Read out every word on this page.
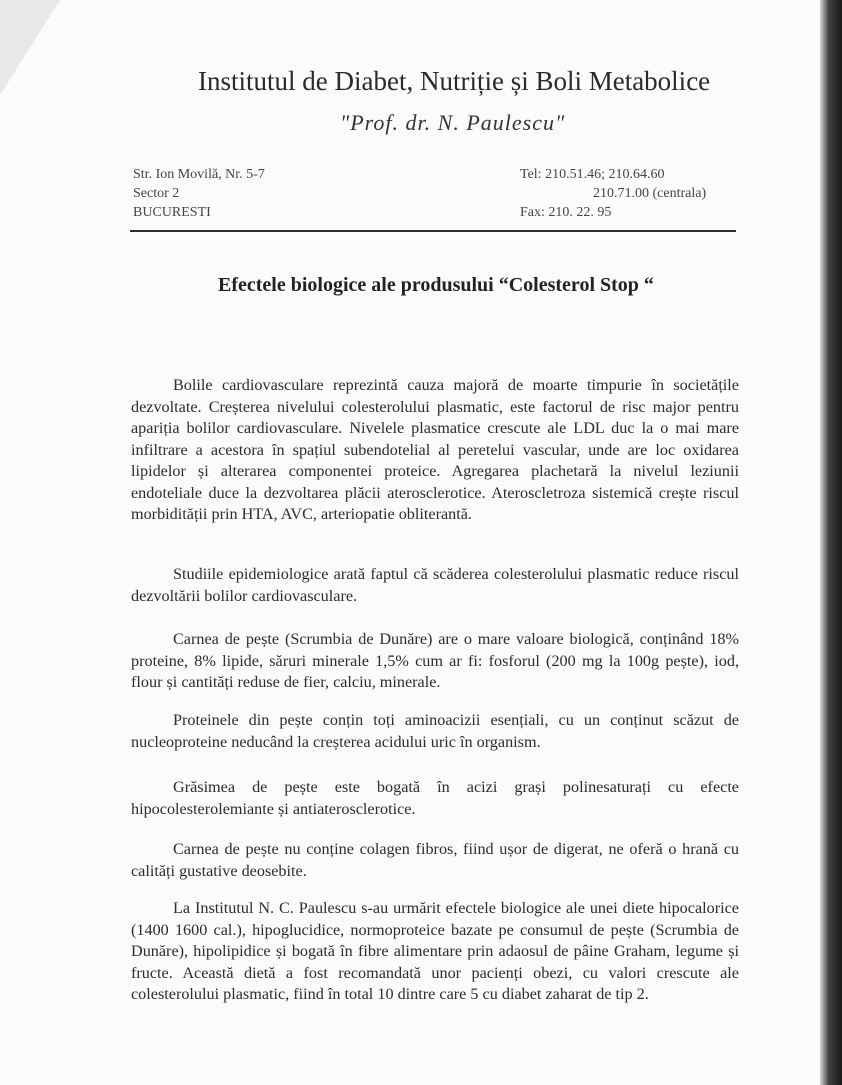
Institutul de Diabet, Nutriție și Boli Metabolice
"Prof. dr. N. Paulescu"
Str. Ion Movilă, Nr. 5-7
Sector 2
BUCURESTI
Tel: 210.51.46; 210.64.60
210.71.00 (centrala)
Fax: 210. 22. 95
Efectele biologice ale produsului “Colesterol Stop “

Bolile cardiovasculare reprezintă cauza majoră de moarte timpurie în societățile dezvoltate. Creșterea nivelului colesterolului plasmatic, este factorul de risc major pentru apariția bolilor cardiovasculare. Nivelele plasmatice crescute ale LDL duc la o mai mare infiltrare a acestora în spațiul subendotelial al peretelui vascular, unde are loc oxidarea lipidelor și alterarea componentei proteice. Agregarea plachetară la nivelul leziunii endoteliale duce la dezvoltarea plăcii aterosclerotice. Ateroscletroza sistemică crește riscul morbidității prin HTA, AVC, arteriopatie obliterantă.

Studiile epidemiologice arată faptul că scăderea colesterolului plasmatic reduce riscul dezvoltării bolilor cardiovasculare.

Carnea de pește (Scrumbia de Dunăre) are o mare valoare biologică, conținând 18% proteine, 8% lipide, săruri minerale 1,5% cum ar fi: fosforul (200 mg la 100g pește), iod, flour și cantități reduse de fier, calciu, minerale.

Proteinele din pește conțin toți aminoacizii esențiali, cu un conținut scăzut de nucleoproteine neducând la creșterea acidului uric în organism.

Grăsimea de pește este bogată în acizi grași polinesaturați cu efecte hipocolesterolemiante și antiaterosclerotice.

Carnea de pește nu conține colagen fibros, fiind ușor de digerat, ne oferă o hrană cu calități gustative deosebite.

La Institutul N. C. Paulescu s-au urmărit efectele biologice ale unei diete hipocalorice (1400 1600 cal.), hipoglucidice, normoproteice bazate pe consumul de pește (Scrumbia de Dunăre), hipolipidice și bogată în fibre alimentare prin adaosul de pâine Graham, legume și fructe. Această dietă a fost recomandată unor pacienți obezi, cu valori crescute ale colesterolului plasmatic, fiind în total 10 dintre care 5 cu diabet zaharat de tip 2.
